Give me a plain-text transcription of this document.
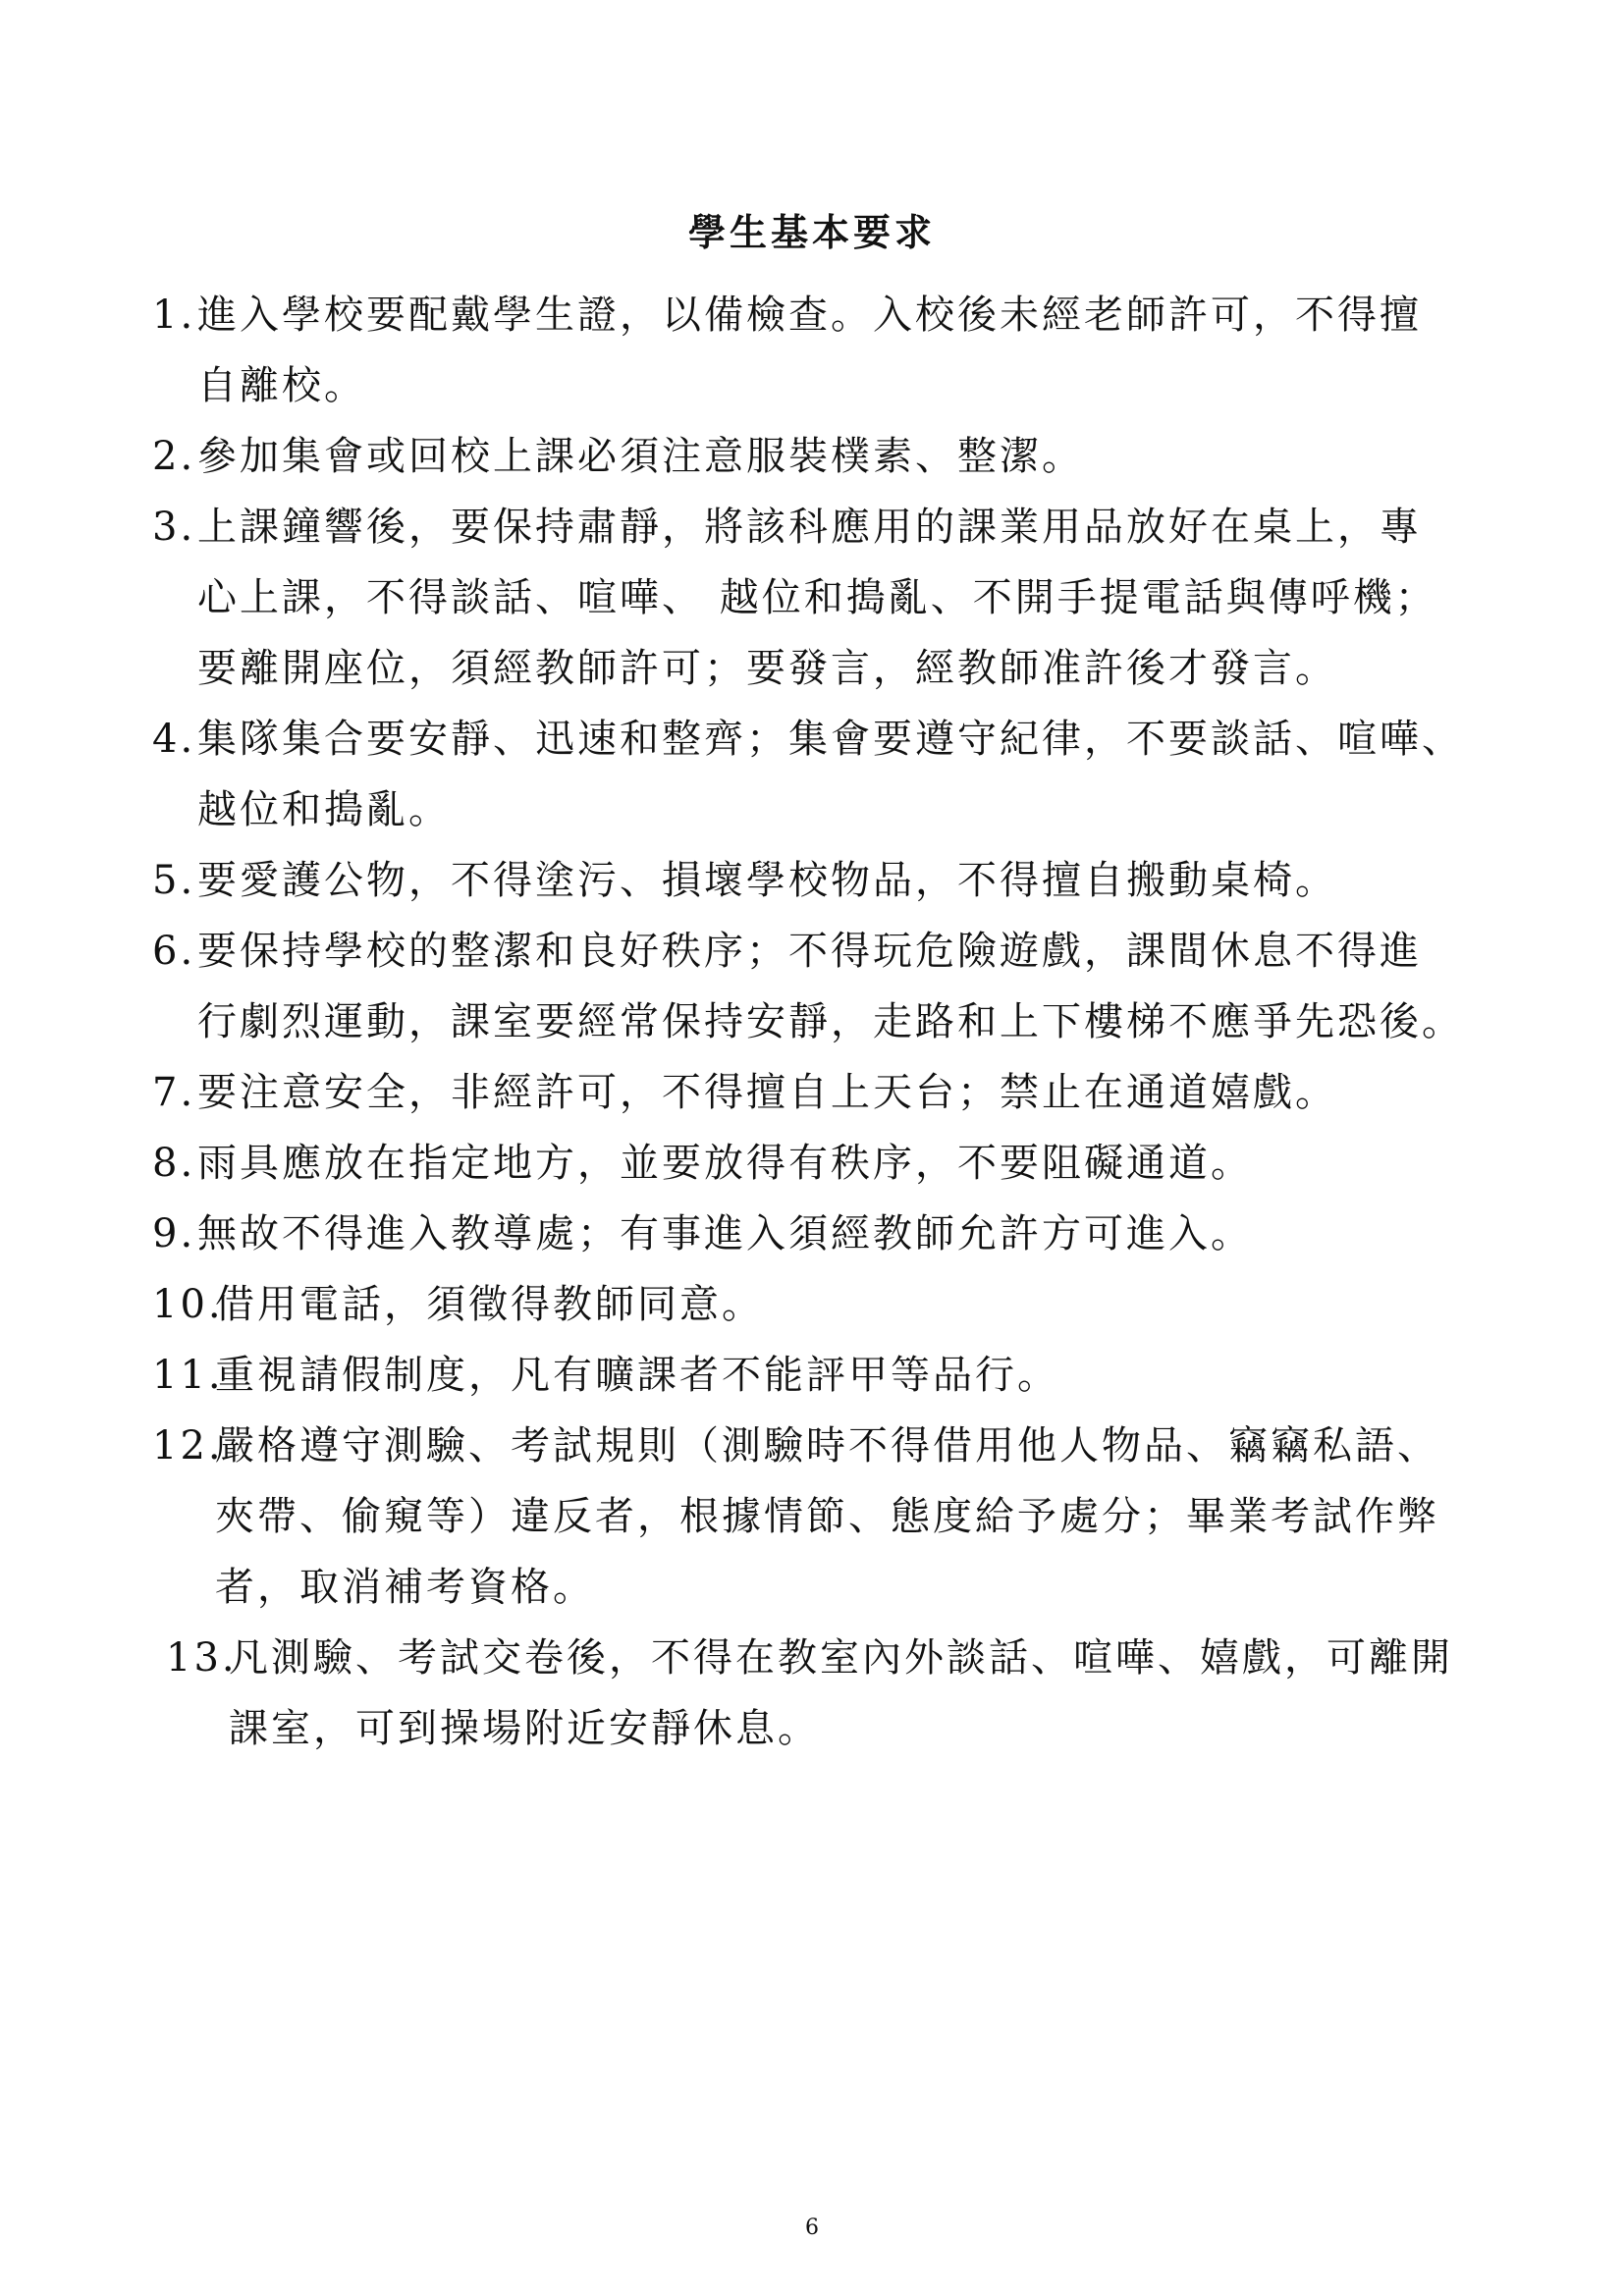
學生基本要求
1. 進入學校要配戴學生證，以備檢查。入校後未經老師許可，不得擅
自離校。
2. 參加集會或回校上課必須注意服裝樸素、整潔。
3. 上課鐘響後，要保持肅靜，將該科應用的課業用品放好在桌上，專
心上課，不得談話、喧嘩、 越位和搗亂、不開手提電話與傳呼機；
要離開座位，須經教師許可；要發言，經教師准許後才發言。
4. 集隊集合要安靜、迅速和整齊；集會要遵守紀律，不要談話、喧嘩、
越位和搗亂。
5. 要愛護公物，不得塗污、損壞學校物品，不得擅自搬動桌椅。
6. 要保持學校的整潔和良好秩序；不得玩危險遊戲，課間休息不得進
行劇烈運動，課室要經常保持安靜，走路和上下樓梯不應爭先恐後。
7. 要注意安全，非經許可，不得擅自上天台；禁止在通道嬉戲。
8. 雨具應放在指定地方，並要放得有秩序，不要阻礙通道。
9. 無故不得進入教導處；有事進入須經教師允許方可進入。
10.
借用電話，須徵得教師同意。
11.
重視請假制度，凡有曠課者不能評甲等品行。
12.
嚴格遵守測驗、考試規則（測驗時不得借用他人物品、竊竊私語、
夾帶、偷窺等）違反者，根據情節、態度給予處分；畢業考試作弊
者，取消補考資格。
13.
凡測驗、考試交卷後，不得在教室內外談話、喧嘩、嬉戲，可離開
課室，可到操場附近安靜休息。
6
